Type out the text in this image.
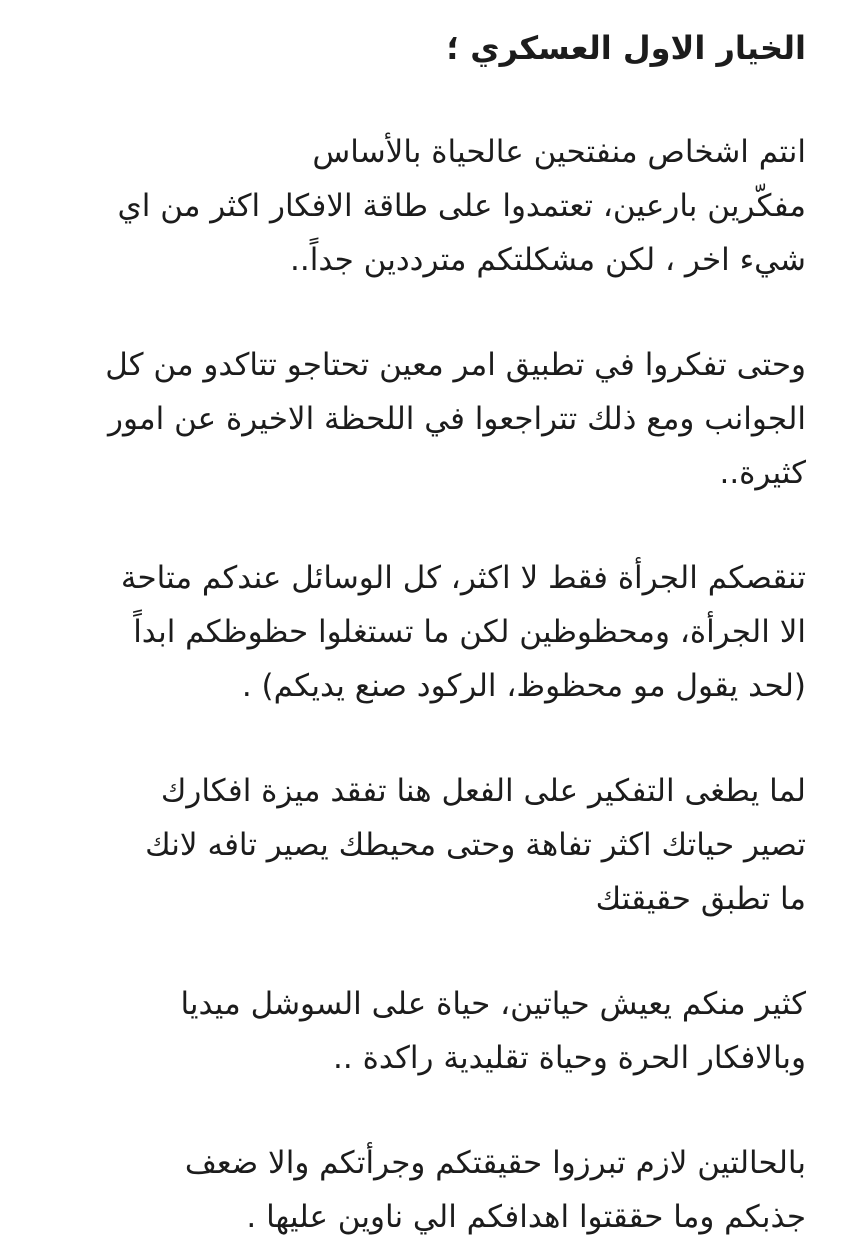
الخيار الاول العسكري ؛

انتم اشخاص منفتحين عالحياة بالأساس
مفكّرين بارعين، تعتمدوا على طاقة الافكار اكثر من اي
شيء اخر ، لكن مشكلتكم مترددين جداً..

وحتى تفكروا في تطبيق امر معين تحتاجو تتاكدو من كل
الجوانب ومع ذلك تتراجعوا في اللحظة الاخيرة عن امور
كثيرة..

تنقصكم الجرأة فقط لا اكثر، كل الوسائل عندكم متاحة
الا الجرأة، ومحظوظين لكن ما تستغلوا حظوظكم ابداً
(لحد يقول مو محظوظ، الركود صنع يديكم) .

لما يطغى التفكير على الفعل هنا تفقد ميزة افكارك
تصير حياتك اكثر تفاهة وحتى محيطك يصير تافه لانك
ما تطبق حقيقتك

كثير منكم يعيش حياتين، حياة على السوشل ميديا
وبالافكار الحرة وحياة تقليدية راكدة ..

بالحالتين لازم تبرزوا حقيقتكم وجرأتكم والا ضعف
جذبكم وما حققتوا اهدافكم الي ناوين عليها .
